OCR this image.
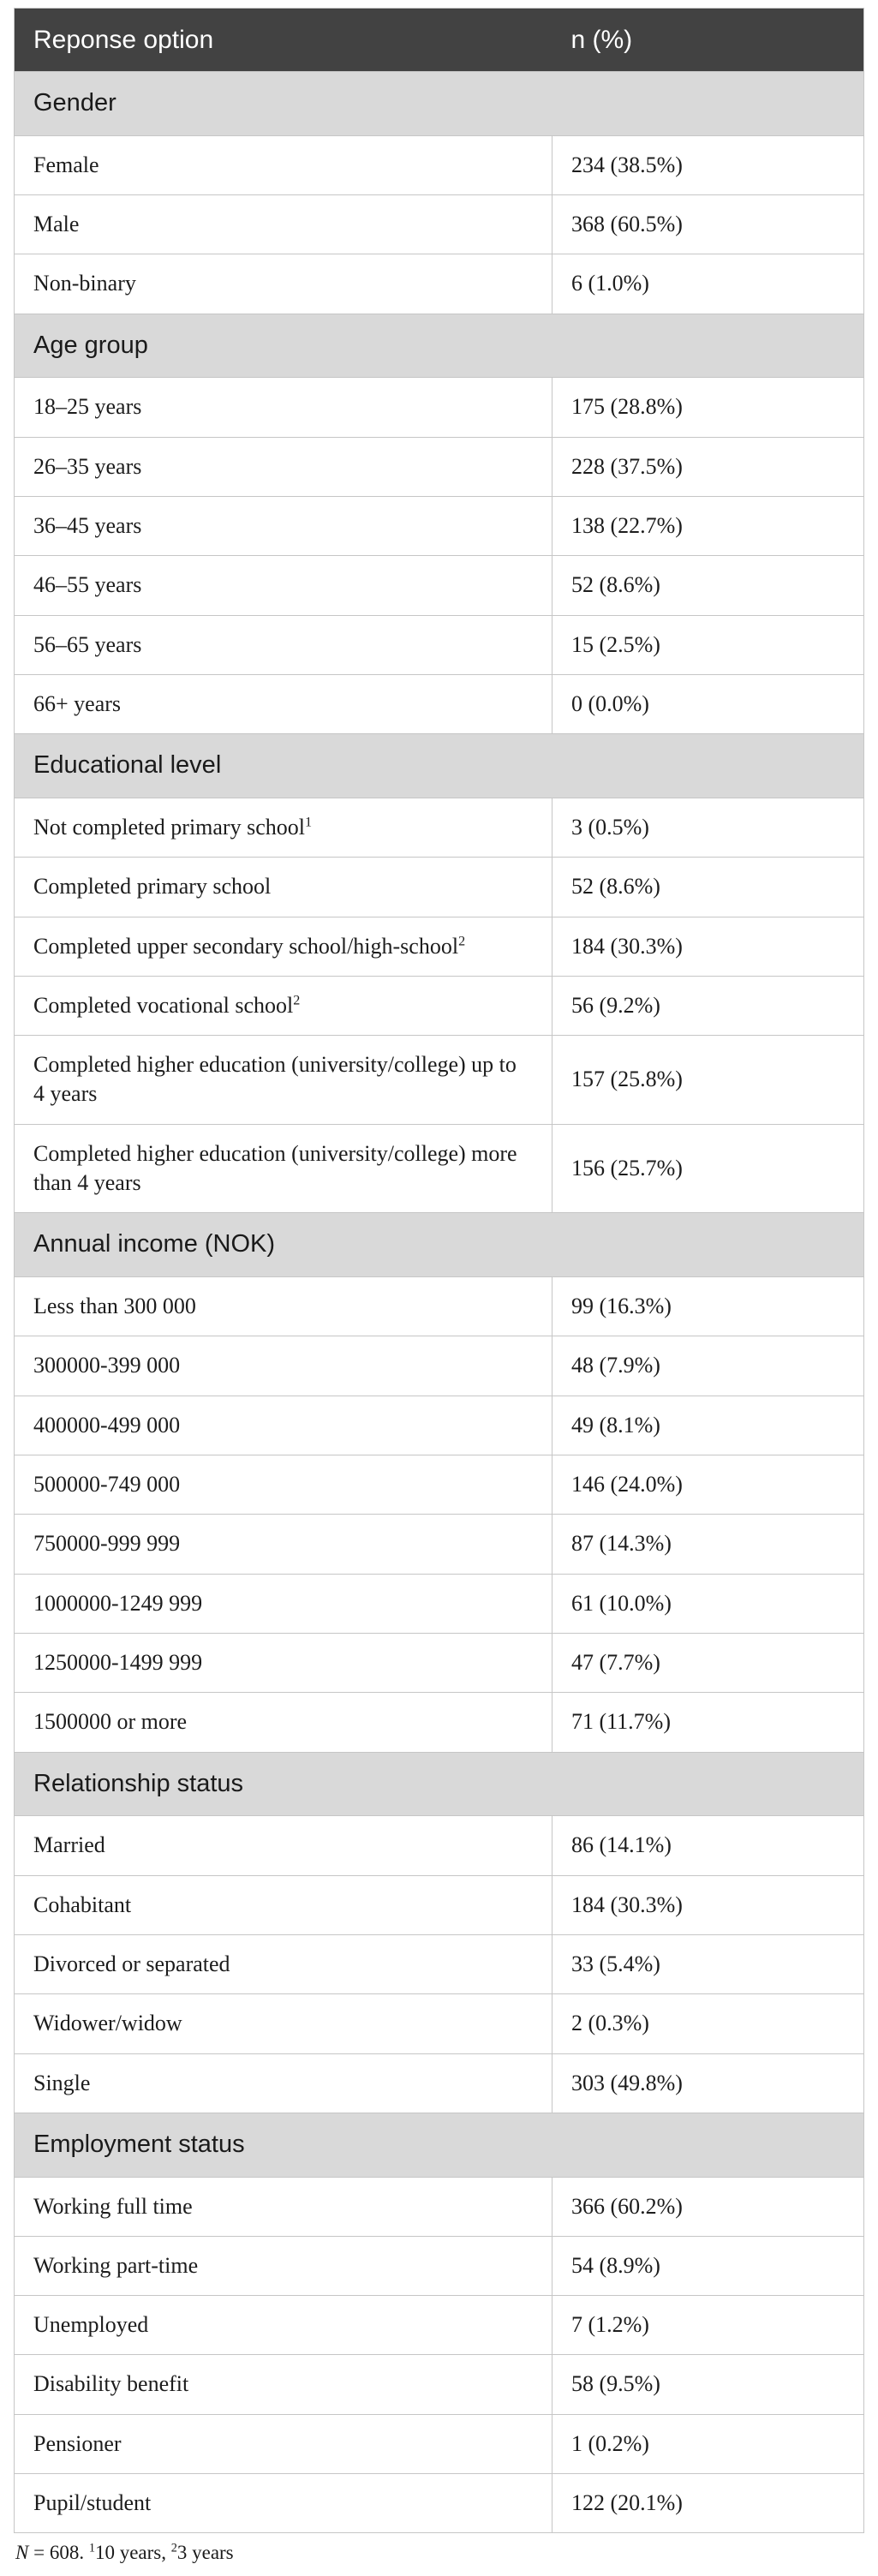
Reponse option	n (%)
Gender	
Female	234 (38.5%)
Male	368 (60.5%)
Non-binary	6 (1.0%)
Age group	
18–25 years	175 (28.8%)
26–35 years	228 (37.5%)
36–45 years	138 (22.7%)
46–55 years	52 (8.6%)
56–65 years	15 (2.5%)
66+ years	0 (0.0%)
Educational level	
Not completed primary school$^1$	3 (0.5%)
Completed primary school	52 (8.6%)
Completed upper secondary school/high-school$^2$	184 (30.3%)
Completed vocational school$^2$	56 (9.2%)
Completed higher education (university/college) up to 4 years	157 (25.8%)
Completed higher education (university/college) more than 4 years	156 (25.7%)
Annual income (NOK)	
Less than 300 000	99 (16.3%)
300000-399 000	48 (7.9%)
400000-499 000	49 (8.1%)
500000-749 000	146 (24.0%)
750000-999 999	87 (14.3%)
1000000-1249 999	61 (10.0%)
1250000-1499 999	47 (7.7%)
1500000 or more	71 (11.7%)
Relationship status	
Married	86 (14.1%)
Cohabitant	184 (30.3%)
Divorced or separated	33 (5.4%)
Widower/widow	2 (0.3%)
Single	303 (49.8%)
Employment status	
Working full time	366 (60.2%)
Working part-time	54 (8.9%)
Unemployed	7 (1.2%)
Disability benefit	58 (9.5%)
Pensioner	1 (0.2%)
Pupil/student	122 (20.1%)
N = 608. $^1$10 years, $^2$3 years
